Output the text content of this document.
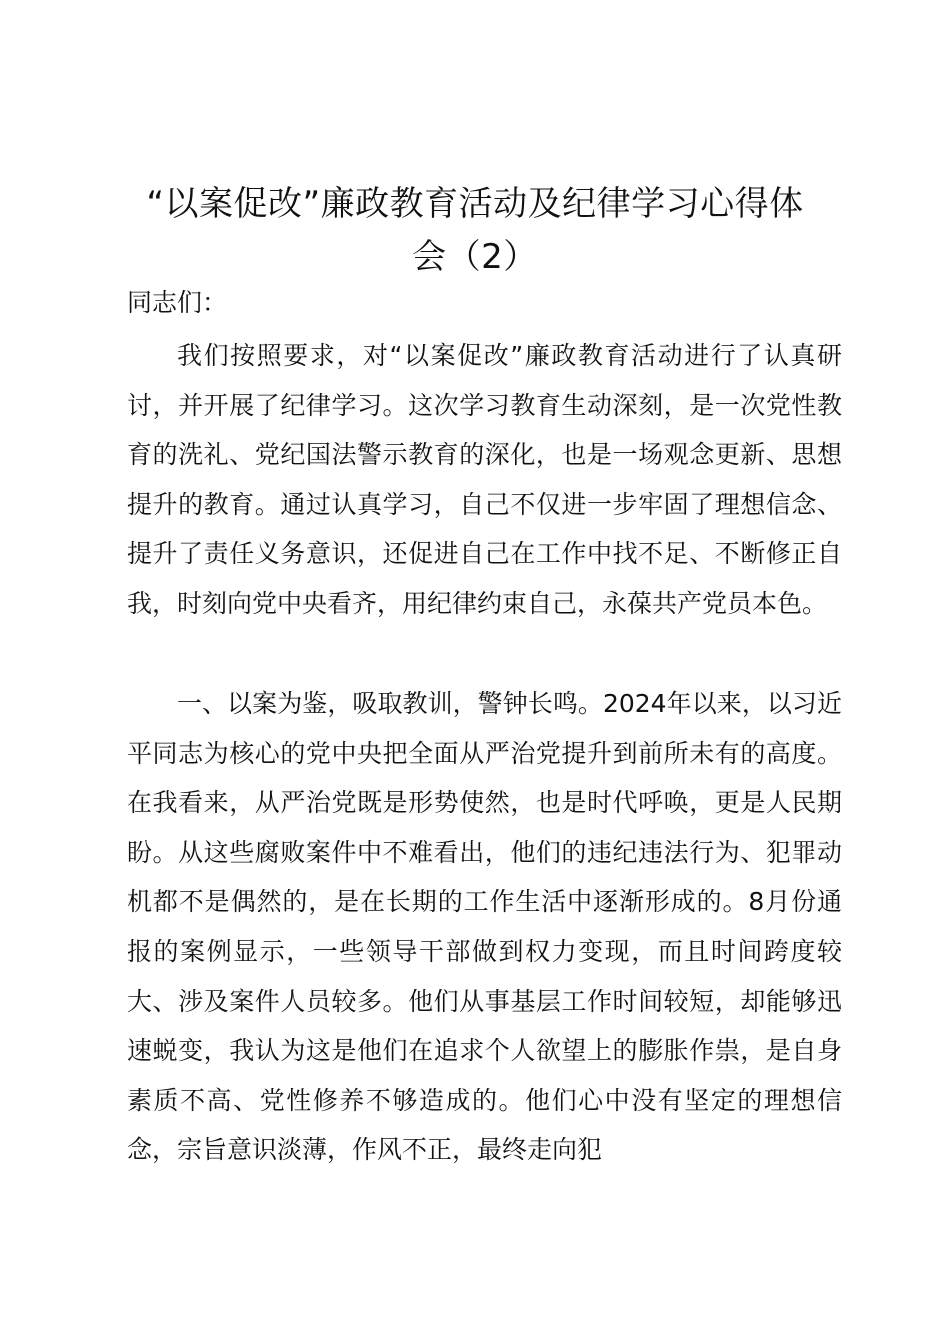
“以案促改”廉政教育活动及纪律学习心得体
会（2）

同志们：

我们按照要求，对“以案促改”廉政教育活动进行了认真研讨，并开展了纪律学习。这次学习教育生动深刻，是一次党性教育的洗礼、党纪国法警示教育的深化，也是一场观念更新、思想提升的教育。通过认真学习，自己不仅进一步牢固了理想信念、提升了责任义务意识，还促进自己在工作中找不足、不断修正自我，时刻向党中央看齐，用纪律约束自己，永葆共产党员本色。

一、以案为鉴，吸取教训，警钟长鸣。2024年以来，以习近平同志为核心的党中央把全面从严治党提升到前所未有的高度。在我看来，从严治党既是形势使然，也是时代呼唤，更是人民期盼。从这些腐败案件中不难看出，他们的违纪违法行为、犯罪动机都不是偶然的，是在长期的工作生活中逐渐形成的。8月份通报的案例显示，一些领导干部做到权力变现，而且时间跨度较大、涉及案件人员较多。他们从事基层工作时间较短，却能够迅速蜕变，我认为这是他们在追求个人欲望上的膨胀作祟，是自身素质不高、党性修养不够造成的。他们心中没有坚定的理想信念，宗旨意识淡薄，作风不正，最终走向犯
